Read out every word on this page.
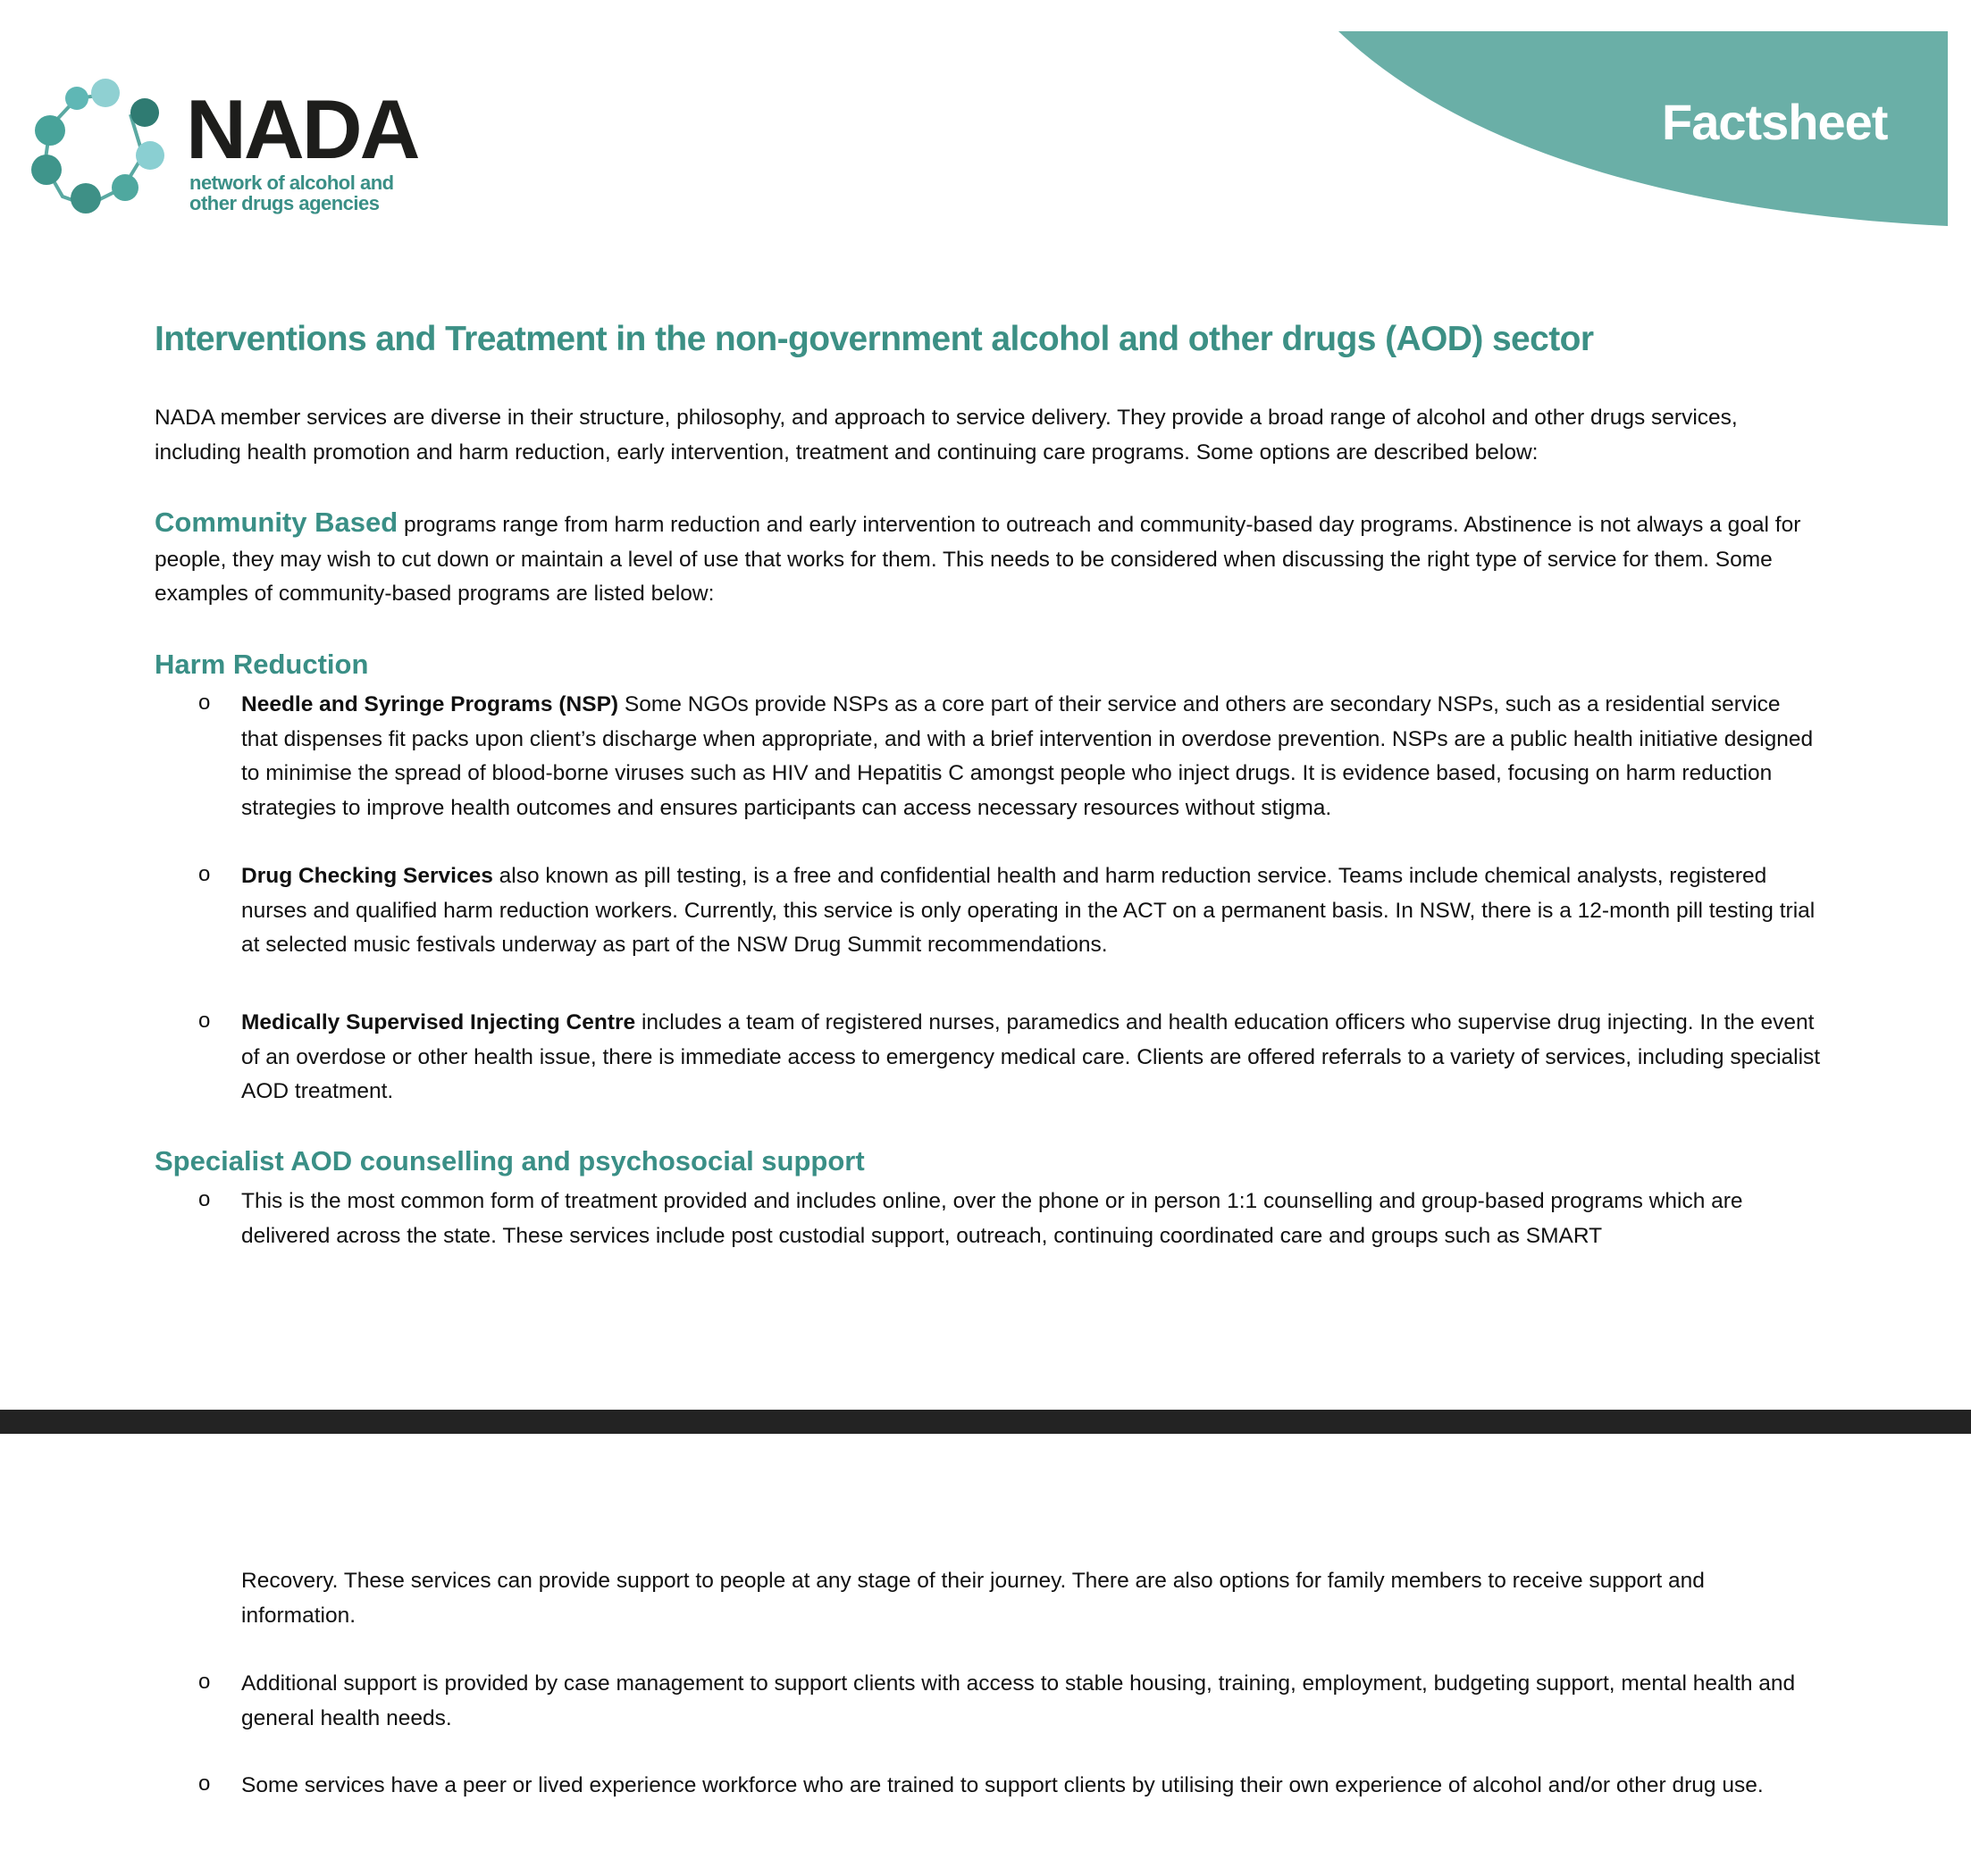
Factsheet
NADA
network of alcohol and
other drugs agencies
Interventions and Treatment in the non-government alcohol and other drugs (AOD) sector
NADA member services are diverse in their structure, philosophy, and approach to service delivery. They provide a broad range of alcohol and other drugs services, including health promotion and harm reduction, early intervention, treatment and continuing care programs. Some options are described below:
Community Based programs range from harm reduction and early intervention to outreach and community-based day programs. Abstinence is not always a goal for people, they may wish to cut down or maintain a level of use that works for them. This needs to be considered when discussing the right type of service for them. Some examples of community-based programs are listed below:
Harm Reduction
o Needle and Syringe Programs (NSP) Some NGOs provide NSPs as a core part of their service and others are secondary NSPs, such as a residential service that dispenses fit packs upon client’s discharge when appropriate, and with a brief intervention in overdose prevention. NSPs are a public health initiative designed to minimise the spread of blood-borne viruses such as HIV and Hepatitis C amongst people who inject drugs. It is evidence based, focusing on harm reduction strategies to improve health outcomes and ensures participants can access necessary resources without stigma.
o Drug Checking Services also known as pill testing, is a free and confidential health and harm reduction service. Teams include chemical analysts, registered nurses and qualified harm reduction workers. Currently, this service is only operating in the ACT on a permanent basis. In NSW, there is a 12-month pill testing trial at selected music festivals underway as part of the NSW Drug Summit recommendations.
o Medically Supervised Injecting Centre includes a team of registered nurses, paramedics and health education officers who supervise drug injecting. In the event of an overdose or other health issue, there is immediate access to emergency medical care. Clients are offered referrals to a variety of services, including specialist AOD treatment.
Specialist AOD counselling and psychosocial support
o This is the most common form of treatment provided and includes online, over the phone or in person 1:1 counselling and group-based programs which are delivered across the state. These services include post custodial support, outreach, continuing coordinated care and groups such as SMART
Recovery. These services can provide support to people at any stage of their journey. There are also options for family members to receive support and information.
o Additional support is provided by case management to support clients with access to stable housing, training, employment, budgeting support, mental health and general health needs.
o Some services have a peer or lived experience workforce who are trained to support clients by utilising their own experience of alcohol and/or other drug use.
